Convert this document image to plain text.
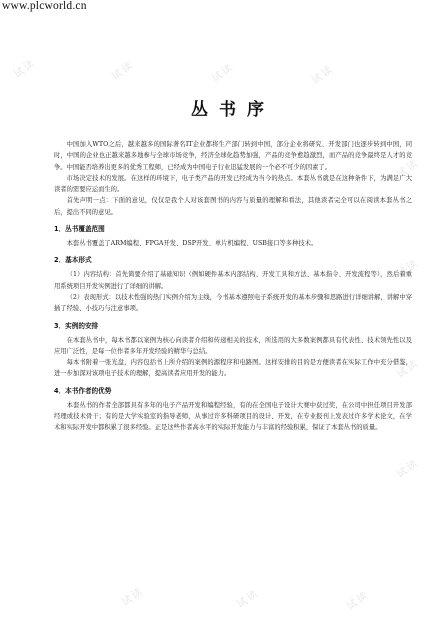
www.plcworld.cn
试读	试读	试读	试读
试读
试读
试读
试读
试读	试读	试读
丛书序

中国加入WTO之后，越来越多的国际著名IT企业都将生产部门转到中国，部分企业将研究、开发部门也逐步转到中国，同时，中国的企业也正越来越多地参与全球市场竞争，经济全球化趋势加强，产品的竞争愈趋激烈，而产品的竞争最终是人才的竞争。中国能否培养出更多的优秀工程师，已经成为中国电子行业迅猛发展的一个必不可少的因素了。

市场决定技术的发展。在这样的环境下，电子类产品的开发已经成为当今的热点。本套丛书就是在这种条件下，为满足广大读者的需要应运而生的。

首先声明一点：下面的意见，仅仅是我个人对该套图书的内容与质量的理解和看法，其他读者完全可以在阅读本套丛书之后，提出不同的意见。

1．丛书覆盖范围

本套丛书覆盖了ARM编程、FPGA开发、DSP开发、单片机编程、USB接口等多种技术。

2．基本形式

（1）内容结构：首先简要介绍了基础知识（例如硬件基本内部结构、开发工具和方法、基本指令、开发流程等），然后着重用系统项目开发实例进行了详细的讲解。

（2）表现形式：以技术性强的热门实例介绍为主线，今书基本遵照电子系统开发的基本步骤和思路进行详细讲解，讲解中穿插了经验、小技巧与注意事项。

3．实例的安排

在本套丛书中，每本书都以案例为核心向读者介绍和传递相关的技术，所选用的大多数案例都具有代表性、技术领先性以及应用广泛性，是每一位作者多年开发经验的精华与总结。

每本书附着一张光盘，内容包括书上所介绍的案例的源程序和电路图。这样安排的目的是方便读者在实际工作中充分借鉴，进一步加深对该项电子技术的理解，提高读者应用开发的能力。

4．本书作者的优势

本套丛书的作者全部都具有多年的电子产品开发和编程经验，有的在全国电子设计大赛中获过奖，在公司中担任项目开发部经理或技术骨干；有的是大学实验室的指导老师，从事过许多科研项目的设计、开发，在专业报刊上发表过许多学术论文，在学术和实际开发中都积累了很多经验。正是这些作者高水平的实际开发能力与丰富的经验积累，保证了本套丛书的质量。
